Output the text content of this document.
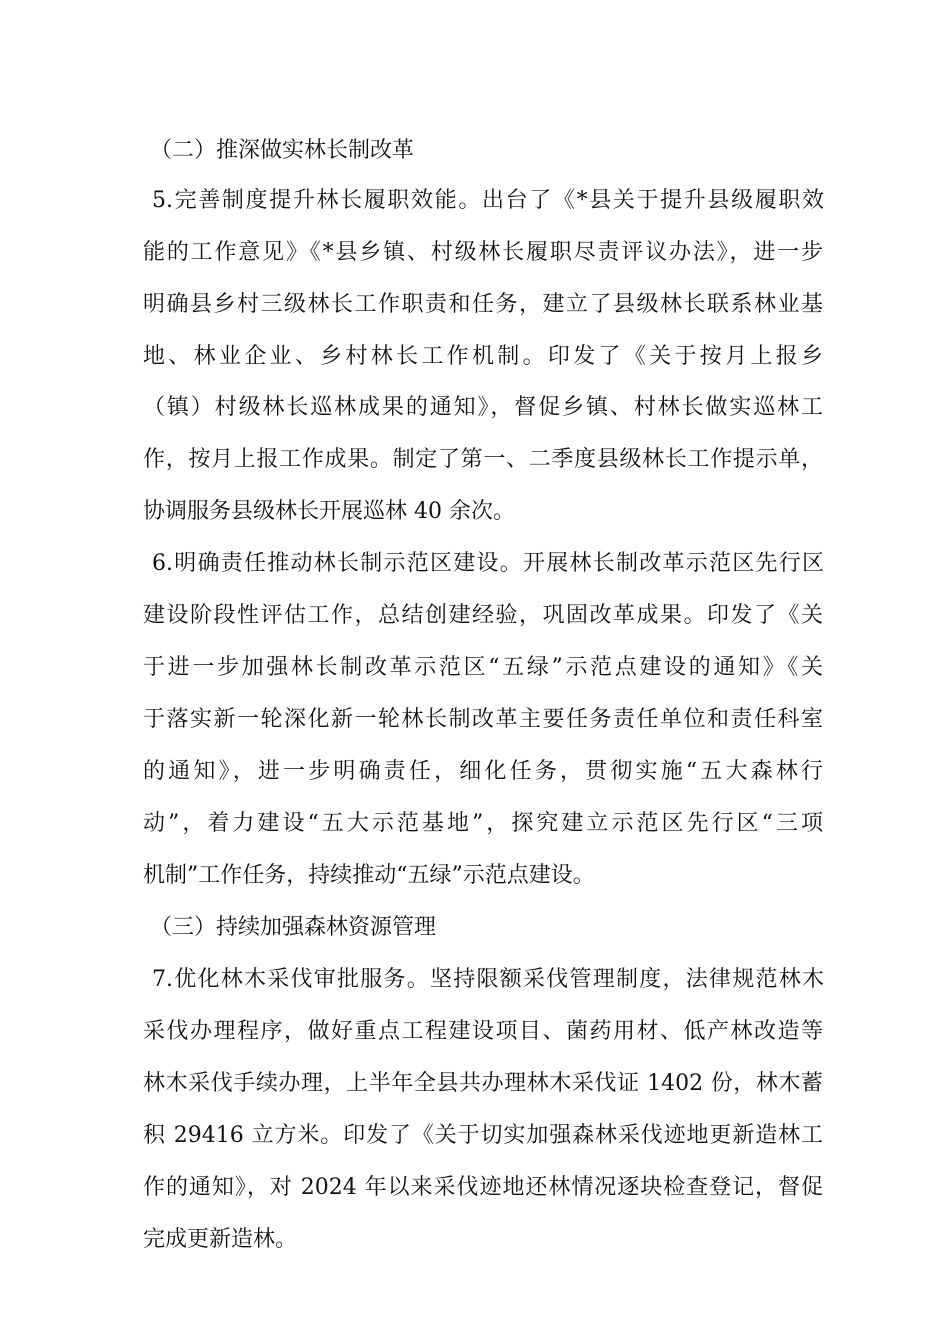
（二）推深做实林长制改革

5.完善制度提升林长履职效能。出台了《*县关于提升县级履职效

能的工作意见》《*县乡镇、村级林长履职尽责评议办法》，进一步

明确县乡村三级林长工作职责和任务，建立了县级林长联系林业基

地、林业企业、乡村林长工作机制。印发了《关于按月上报乡

（镇）村级林长巡林成果的通知》，督促乡镇、村林长做实巡林工

作，按月上报工作成果。制定了第一、二季度县级林长工作提示单，

协调服务县级林长开展巡林 40 余次。

6.明确责任推动林长制示范区建设。开展林长制改革示范区先行区

建设阶段性评估工作，总结创建经验，巩固改革成果。印发了《关

于进一步加强林长制改革示范区“五绿”示范点建设的通知》《关

于落实新一轮深化新一轮林长制改革主要任务责任单位和责任科室

的通知》，进一步明确责任，细化任务，贯彻实施“五大森林行

动”，着力建设“五大示范基地”，探究建立示范区先行区“三项

机制”工作任务，持续推动“五绿”示范点建设。

（三）持续加强森林资源管理

7.优化林木采伐审批服务。坚持限额采伐管理制度，法律规范林木

采伐办理程序，做好重点工程建设项目、菌药用材、低产林改造等

林木采伐手续办理，上半年全县共办理林木采伐证 1402 份，林木蓄

积 29416 立方米。印发了《关于切实加强森林采伐迹地更新造林工

作的通知》，对 2024 年以来采伐迹地还林情况逐块检查登记，督促

完成更新造林。
